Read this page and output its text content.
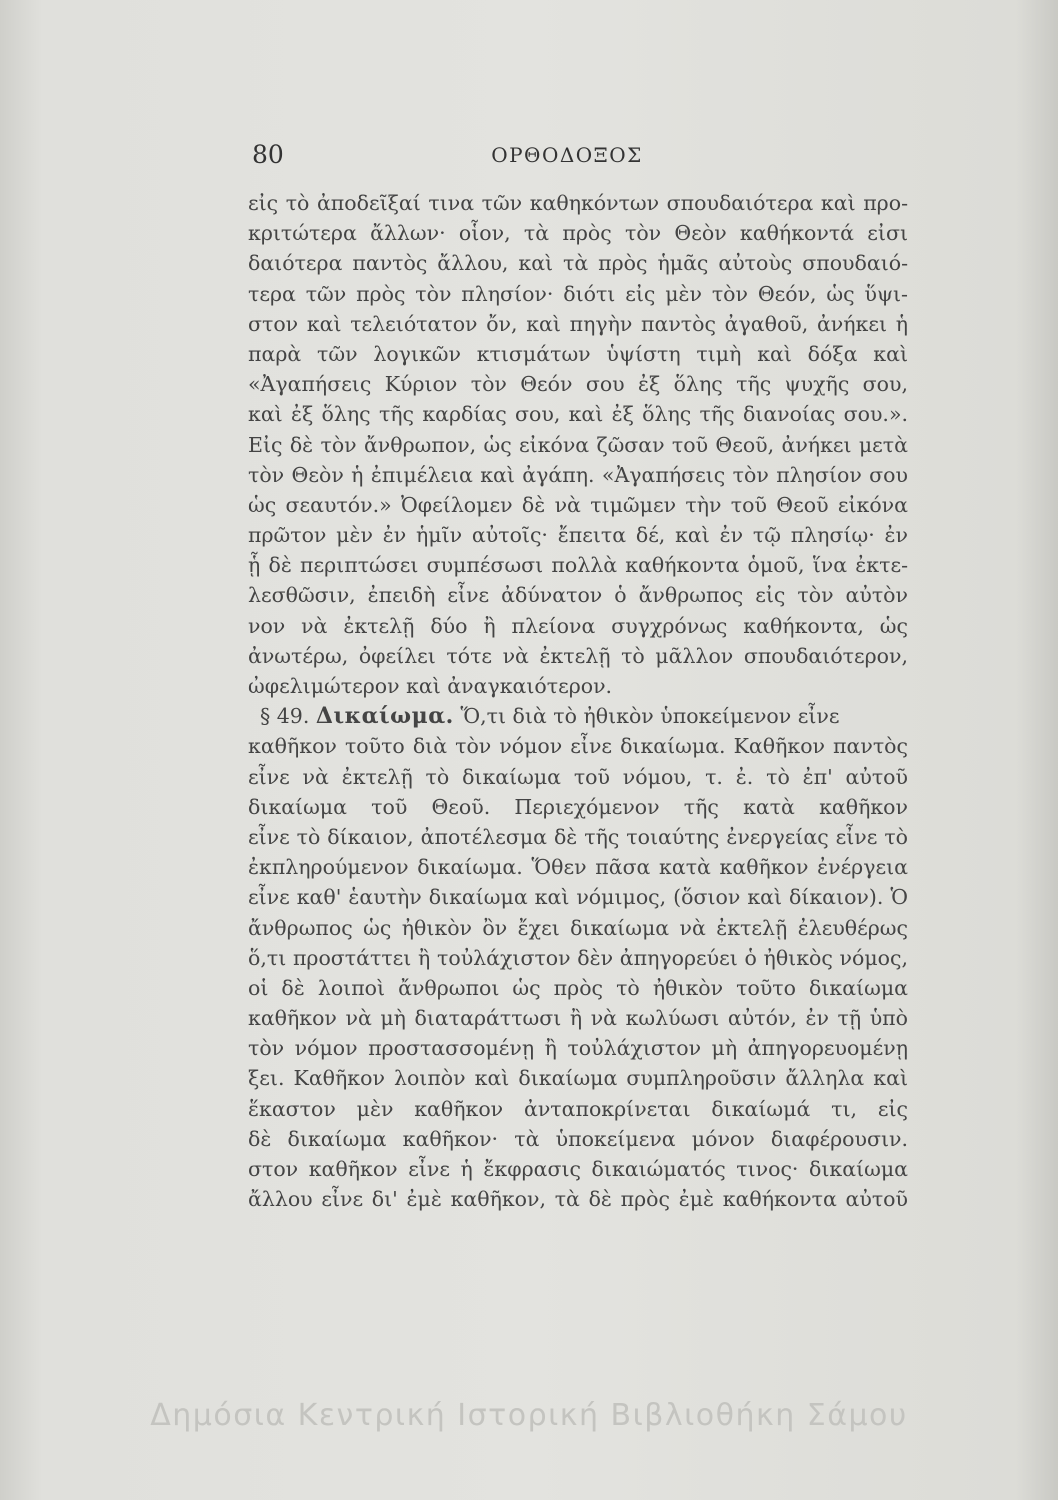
80	ΟΡΘΟΔΟΞΟΣ
εἰς τὸ ἀποδεῖξαί τινα τῶν καθηκόντων σπουδαιότερα καὶ προ-
κριτώτερα ἄλλων· οἷον, τὰ πρὸς τὸν Θεὸν καθήκοντά εἰσι
δαιότερα παντὸς ἄλλου, καὶ τὰ πρὸς ἡμᾶς αὐτοὺς σπουδαιό-
τερα τῶν πρὸς τὸν πλησίον· διότι εἰς μὲν τὸν Θεόν, ὡς ὕψι-
στον καὶ τελειότατον ὄν, καὶ πηγὴν παντὸς ἀγαθοῦ, ἀνήκει ἡ
παρὰ τῶν λογικῶν κτισμάτων ὑψίστη τιμὴ καὶ δόξα καὶ
«Ἀγαπήσεις Κύριον τὸν Θεόν σου ἐξ ὅλης τῆς ψυχῆς σου,
καὶ ἐξ ὅλης τῆς καρδίας σου, καὶ ἐξ ὅλης τῆς διανοίας σου.».
Εἰς δὲ τὸν ἄνθρωπον, ὡς εἰκόνα ζῶσαν τοῦ Θεοῦ, ἀνήκει μετὰ
τὸν Θεὸν ἡ ἐπιμέλεια καὶ ἀγάπη. «Ἀγαπήσεις τὸν πλησίον σου
ὡς σεαυτόν.» Ὀφείλομεν δὲ νὰ τιμῶμεν τὴν τοῦ Θεοῦ εἰκόνα
πρῶτον μὲν ἐν ἡμῖν αὐτοῖς· ἔπειτα δέ, καὶ ἐν τῷ πλησίῳ· ἐν
ᾗ δὲ περιπτώσει συμπέσωσι πολλὰ καθήκοντα ὁμοῦ, ἵνα ἐκτε-
λεσθῶσιν, ἐπειδὴ εἶνε ἀδύνατον ὁ ἄνθρωπος εἰς τὸν αὐτὸν
νον νὰ ἐκτελῇ δύο ἢ πλείονα συγχρόνως καθήκοντα, ὡς
ἀνωτέρω, ὀφείλει τότε νὰ ἐκτελῇ τὸ μᾶλλον σπουδαιότερον,
ὠφελιμώτερον καὶ ἀναγκαιότερον.
§ 49. Δικαίωμα. Ὅ,τι διὰ τὸ ἠθικὸν ὑποκείμενον εἶνε
καθῆκον τοῦτο διὰ τὸν νόμον εἶνε δικαίωμα. Καθῆκον παντὸς
εἶνε νὰ ἐκτελῇ τὸ δικαίωμα τοῦ νόμου, τ. ἐ. τὸ ἐπ' αὐτοῦ
δικαίωμα τοῦ Θεοῦ. Περιεχόμενον τῆς κατὰ καθῆκον
εἶνε τὸ δίκαιον, ἀποτέλεσμα δὲ τῆς τοιαύτης ἐνεργείας εἶνε τὸ
ἐκπληρούμενον δικαίωμα. Ὅθεν πᾶσα κατὰ καθῆκον ἐνέργεια
εἶνε καθ' ἑαυτὴν δικαίωμα καὶ νόμιμος, (ὅσιον καὶ δίκαιον). Ὁ
ἄνθρωπος ὡς ἠθικὸν ὂν ἔχει δικαίωμα νὰ ἐκτελῇ ἐλευθέρως
ὅ,τι προστάττει ἢ τοὐλάχιστον δὲν ἀπηγορεύει ὁ ἠθικὸς νόμος,
οἱ δὲ λοιποὶ ἄνθρωποι ὡς πρὸς τὸ ἠθικὸν τοῦτο δικαίωμα
καθῆκον νὰ μὴ διαταράττωσι ἢ νὰ κωλύωσι αὐτόν, ἐν τῇ ὑπὸ
τὸν νόμον προστασσομένῃ ἢ τοὐλάχιστον μὴ ἀπηγορευομένῃ
ξει. Καθῆκον λοιπὸν καὶ δικαίωμα συμπληροῦσιν ἄλληλα καὶ
ἕκαστον μὲν καθῆκον ἀνταποκρίνεται δικαίωμά τι, εἰς
δὲ δικαίωμα καθῆκον· τὰ ὑποκείμενα μόνον διαφέρουσιν.
στον καθῆκον εἶνε ἡ ἔκφρασις δικαιώματός τινος· δικαίωμα
ἄλλου εἶνε δι' ἐμὲ καθῆκον, τὰ δὲ πρὸς ἐμὲ καθήκοντα αὐτοῦ
Δημόσια Κεντρική Ιστορική Βιβλιοθήκη Σάμου
